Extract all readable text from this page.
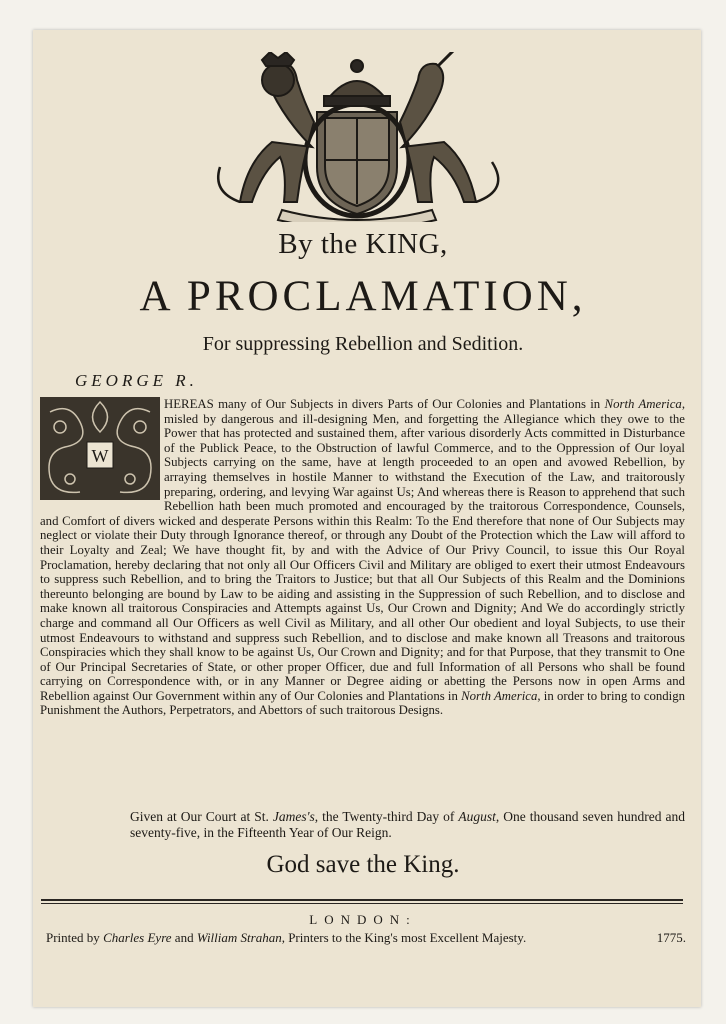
By the KING,
A PROCLAMATION,
For suppressing Rebellion and Sedition.
GEORGE R.
W

HEREAS many of Our Subjects in divers Parts of Our Colonies and Plantations in North America, misled by dangerous and ill-designing Men, and forgetting the Allegiance which they owe to the Power that has protected and sustained them, after various disorderly Acts committed in Disturbance of the Publick Peace, to the Obstruction of lawful Commerce, and to the Oppression of Our loyal Subjects carrying on the same, have at length proceeded to an open and avowed Rebellion, by arraying themselves in hostile Manner to withstand the Execution of the Law, and traitorously preparing, ordering, and levying War against Us; And whereas there is Reason to apprehend that such Rebellion hath been much promoted and encouraged by the traitorous Correspondence, Counsels, and Comfort of divers wicked and desperate Persons within this Realm: To the End therefore that none of Our Subjects may neglect or violate their Duty through Ignorance thereof, or through any Doubt of the Protection which the Law will afford to their Loyalty and Zeal; We have thought fit, by and with the Advice of Our Privy Council, to issue this Our Royal Proclamation, hereby declaring that not only all Our Officers Civil and Military are obliged to exert their utmost Endeavours to suppress such Rebellion, and to bring the Traitors to Justice; but that all Our Subjects of this Realm and the Dominions thereunto belonging are bound by Law to be aiding and assisting in the Suppression of such Rebellion, and to disclose and make known all traitorous Conspiracies and Attempts against Us, Our Crown and Dignity; And We do accordingly strictly charge and command all Our Officers as well Civil as Military, and all other Our obedient and loyal Subjects, to use their utmost Endeavours to withstand and suppress such Rebellion, and to disclose and make known all Treasons and traitorous Conspiracies which they shall know to be against Us, Our Crown and Dignity; and for that Purpose, that they transmit to One of Our Principal Secretaries of State, or other proper Officer, due and full Information of all Persons who shall be found carrying on Correspondence with, or in any Manner or Degree aiding or abetting the Persons now in open Arms and Rebellion against Our Government within any of Our Colonies and Plantations in North America, in order to bring to condign Punishment the Authors, Perpetrators, and Abettors of such traitorous Designs.

Given at Our Court at St. James's, the Twenty-third Day of August, One thousand seven hundred and seventy-five, in the Fifteenth Year of Our Reign.
God save the King.
LONDON:
Printed by Charles Eyre and William Strahan, Printers to the King's most Excellent Majesty.	1775.
